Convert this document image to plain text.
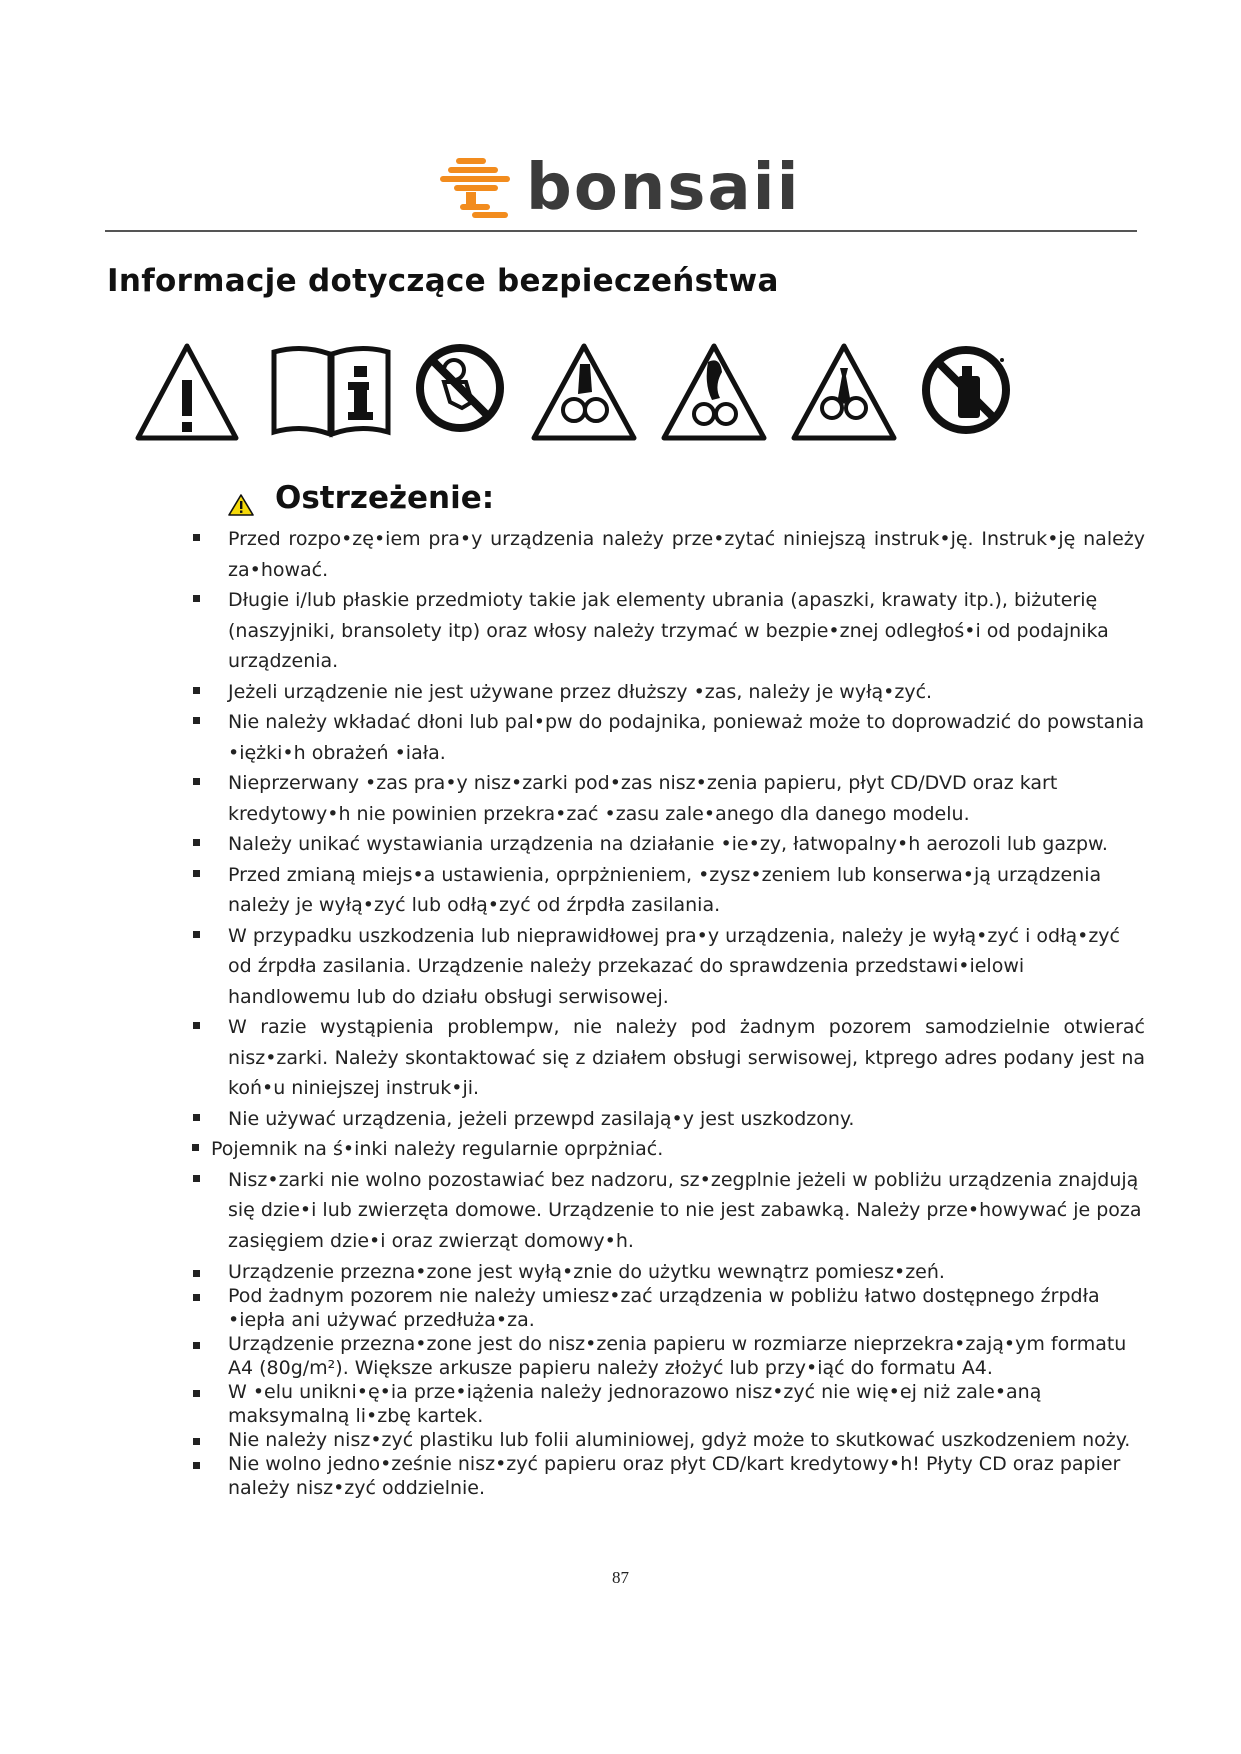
bonsaii
Informacje dotyczące bezpieczeństwa
Ostrzeżenie:
Przed rozpo•zę•iem pra•y urządzenia należy prze•zytać niniejszą instruk•ję. Instruk•ję należy za•hować.
Długie i/lub płaskie przedmioty takie jak elementy ubrania (apaszki, krawaty itp.), biżuterię (naszyjniki, bransolety itp) oraz włosy należy trzymać w bezpie•znej odległoś•i od podajnika urządzenia.
Jeżeli urządzenie nie jest używane przez dłuższy •zas, należy je wyłą•zyć.
Nie należy wkładać dłoni lub pal•pw do podajnika, ponieważ może to doprowadzić do powstania •iężki•h obrażeń •iała.
Nieprzerwany •zas pra•y nisz•zarki pod•zas nisz•zenia papieru, płyt CD/DVD oraz kart kredytowy•h nie powinien przekra•zać •zasu zale•anego dla danego modelu.
Należy unikać wystawiania urządzenia na działanie •ie•zy, łatwopalny•h aerozoli lub gazpw.
Przed zmianą miejs•a ustawienia, oprpżnieniem, •zysz•zeniem lub konserwa•ją urządzenia należy je wyłą•zyć lub odłą•zyć od źrpdła zasilania.
W przypadku uszkodzenia lub nieprawidłowej pra•y urządzenia, należy je wyłą•zyć i odłą•zyć od źrpdła zasilania. Urządzenie należy przekazać do sprawdzenia przedstawi•ielowi handlowemu lub do działu obsługi serwisowej.
W razie wystąpienia problempw, nie należy pod żadnym pozorem samodzielnie otwierać nisz•zarki. Należy skontaktować się z działem obsługi serwisowej, ktprego adres podany jest na koń•u niniejszej instruk•ji.
Nie używać urządzenia, jeżeli przewpd zasilają•y jest uszkodzony.
Pojemnik na ś•inki należy regularnie oprpżniać.
Nisz•zarki nie wolno pozostawiać bez nadzoru, sz•zegplnie jeżeli w pobliżu urządzenia znajdują się dzie•i lub zwierzęta domowe. Urządzenie to nie jest zabawką. Należy prze•howywać je poza zasięgiem dzie•i oraz zwierząt domowy•h.
Urządzenie przezna•zone jest wyłą•znie do użytku wewnątrz pomiesz•zeń.
Pod żadnym pozorem nie należy umiesz•zać urządzenia w pobliżu łatwo dostępnego źrpdła •iepła ani używać przedłuża•za.
Urządzenie przezna•zone jest do nisz•zenia papieru w rozmiarze nieprzekra•zają•ym formatu A4 (80g/m²). Większe arkusze papieru należy złożyć lub przy•iąć do formatu A4.
W •elu unikni•ę•ia prze•iążenia należy jednorazowo nisz•zyć nie wię•ej niż zale•aną maksymalną li•zbę kartek.
Nie należy nisz•zyć plastiku lub folii aluminiowej, gdyż może to skutkować uszkodzeniem noży.
Nie wolno jedno•ześnie nisz•zyć papieru oraz płyt CD/kart kredytowy•h! Płyty CD oraz papier należy nisz•zyć oddzielnie.
87
